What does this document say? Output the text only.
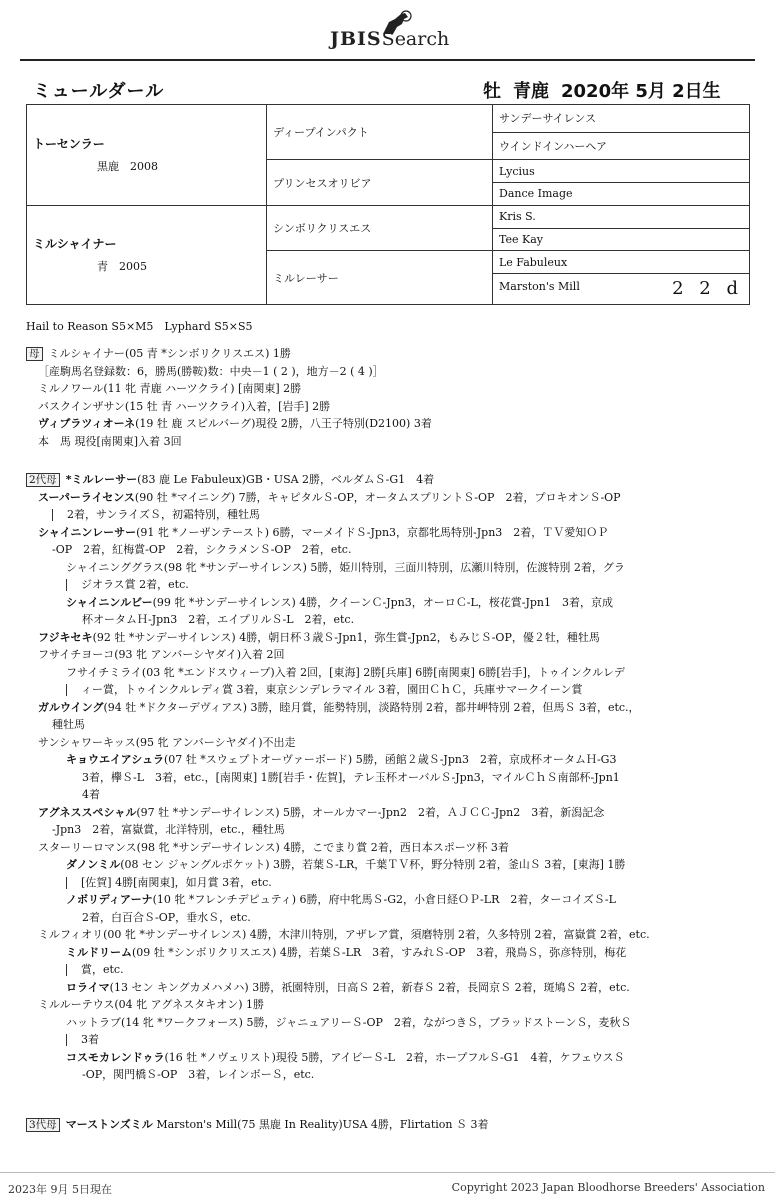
JBISSearch
ミュールダール	牡 青鹿 2020年 5月 2日生
トーセンラー
黒鹿　 2008	ディープインパクト	サンデーサイレンス
		ウインドインハーヘア
	プリンセスオリビア	Lycius
		Dance Image

ミルシャイナー
青　 2005	シンボリクリスエス	Kris S.
		Tee Kay
	ミルレーサー	Le Fabuleux
		Marston's Mill 2 2 d
Hail to Reason S5×M5　Lyphard S5×S5
母 ミルシャイナー(05 青 *シンボリクリスエス) 1勝
［産駒馬名登録数：6，勝馬(勝鞍)数：中央－1 ( 2 )，地方－2 ( 4 )］
ミルノワール(11 牝 青鹿 ハーツクライ) [南関東] 2勝
バスクインザサン(15 牡 青 ハーツクライ)入着，[岩手] 2勝
ヴィブラツィオーネ(19 牡 鹿 スピルバーグ)現役 2勝，八王子特別(D2100) 3着
本　馬 現役[南関東]入着 3回
2代母 *ミルレーサー(83 鹿 Le Fabuleux)GB・USA 2勝，ベルダムＳ-G1　4着
スーパーライセンス(90 牡 *マイニング) 7勝，キャピタルＳ-OP，オータムスプリントＳ-OP　2着，プロキオンＳ-OP
2着，サンライズＳ，初霜特別，種牡馬
シャイニンレーサー(91 牝 *ノーザンテースト) 6勝，マーメイドＳ-Jpn3，京都牝馬特別-Jpn3　2着，ＴＶ愛知ＯＰ
-OP　2着，紅梅賞-OP　2着，シクラメンＳ-OP　2着，etc.
シャイニンググラス(98 牝 *サンデーサイレンス) 5勝，姫川特別，三面川特別，広瀬川特別，佐渡特別 2着，グラ
ジオラス賞 2着，etc.
シャイニンルビー(99 牝 *サンデーサイレンス) 4勝，クイーンＣ-Jpn3，オーロＣ-L，桜花賞-Jpn1　3着，京成
杯オータムＨ-Jpn3　2着，エイプリルＳ-L　2着，etc.
フジキセキ(92 牡 *サンデーサイレンス) 4勝，朝日杯３歳Ｓ-Jpn1，弥生賞-Jpn2，もみじＳ-OP，優２牡，種牡馬
フサイチヨーコ(93 牝 アンバーシヤダイ)入着 2回
フサイチミライ(03 牝 *エンドスウィープ)入着 2回，[東海] 2勝[兵庫] 6勝[南関東] 6勝[岩手]，トゥインクルレデ
ィー賞，トゥインクルレディ賞 3着，東京シンデレラマイル 3着，園田ＣｈＣ，兵庫サマークイーン賞
ガルウイング(94 牡 *ドクターデヴィアス) 3勝，睦月賞，能勢特別，淡路特別 2着，都井岬特別 2着，但馬Ｓ 3着，etc.，
種牡馬
サンシャワーキッス(95 牝 アンバーシヤダイ)不出走
キョウエイアシュラ(07 牡 *スウェプトオーヴァーボード) 5勝，函館２歳Ｓ-Jpn3　2着，京成杯オータムＨ-G3
3着，欅Ｓ-L　3着，etc.，[南関東] 1勝[岩手・佐賀]，テレ玉杯オーバルＳ-Jpn3，マイルＣｈＳ南部杯-Jpn1
4着
アグネススペシャル(97 牡 *サンデーサイレンス) 5勝，オールカマー-Jpn2　2着，ＡＪＣＣ-Jpn2　3着，新潟記念
-Jpn3　2着，富嶽賞，北洋特別，etc.，種牡馬
スターリーロマンス(98 牝 *サンデーサイレンス) 4勝，こでまり賞 2着，西日本スポーツ杯 3着
ダノンミル(08 セン ジャングルポケット) 3勝，若葉Ｓ-LR，千葉ＴＶ杯，野分特別 2着，釜山Ｓ 3着，[東海] 1勝
[佐賀] 4勝[南関東]，如月賞 3着，etc.
ノボリディアーナ(10 牝 *フレンチデピュティ) 6勝，府中牝馬Ｓ-G2，小倉日経ＯＰ-LR　2着，ターコイズＳ-L
2着，白百合Ｓ-OP，垂水Ｓ，etc.
ミルフィオリ(00 牝 *サンデーサイレンス) 4勝，木津川特別，アザレア賞，須磨特別 2着，久多特別 2着，富嶽賞 2着，etc.
ミルドリーム(09 牡 *シンボリクリスエス) 4勝，若葉Ｓ-LR　3着，すみれＳ-OP　3着，飛鳥Ｓ，弥彦特別，梅花
賞，etc.
ロライマ(13 セン キングカメハメハ) 3勝，祇園特別，日高Ｓ 2着，新春Ｓ 2着，長岡京Ｓ 2着，斑鳩Ｓ 2着，etc.
ミルルーテウス(04 牝 アグネスタキオン) 1勝
ハットラブ(14 牝 *ワークフォース) 5勝，ジャニュアリーＳ-OP　2着，ながつきＳ，ブラッドストーンＳ，麦秋Ｓ
3着
コスモカレンドゥラ(16 牡 *ノヴェリスト)現役 5勝，アイビーＳ-L　2着，ホープフルＳ-G1　4着，ケフェウスＳ
-OP，関門橋Ｓ-OP　3着，レインボーＳ，etc.
3代母 マーストンズミル Marston's Mill(75 黒鹿 In Reality)USA 4勝，Flirtation Ｓ 3着
2023年 9月 5日現在	Copyright 2023 Japan Bloodhorse Breeders' Association
